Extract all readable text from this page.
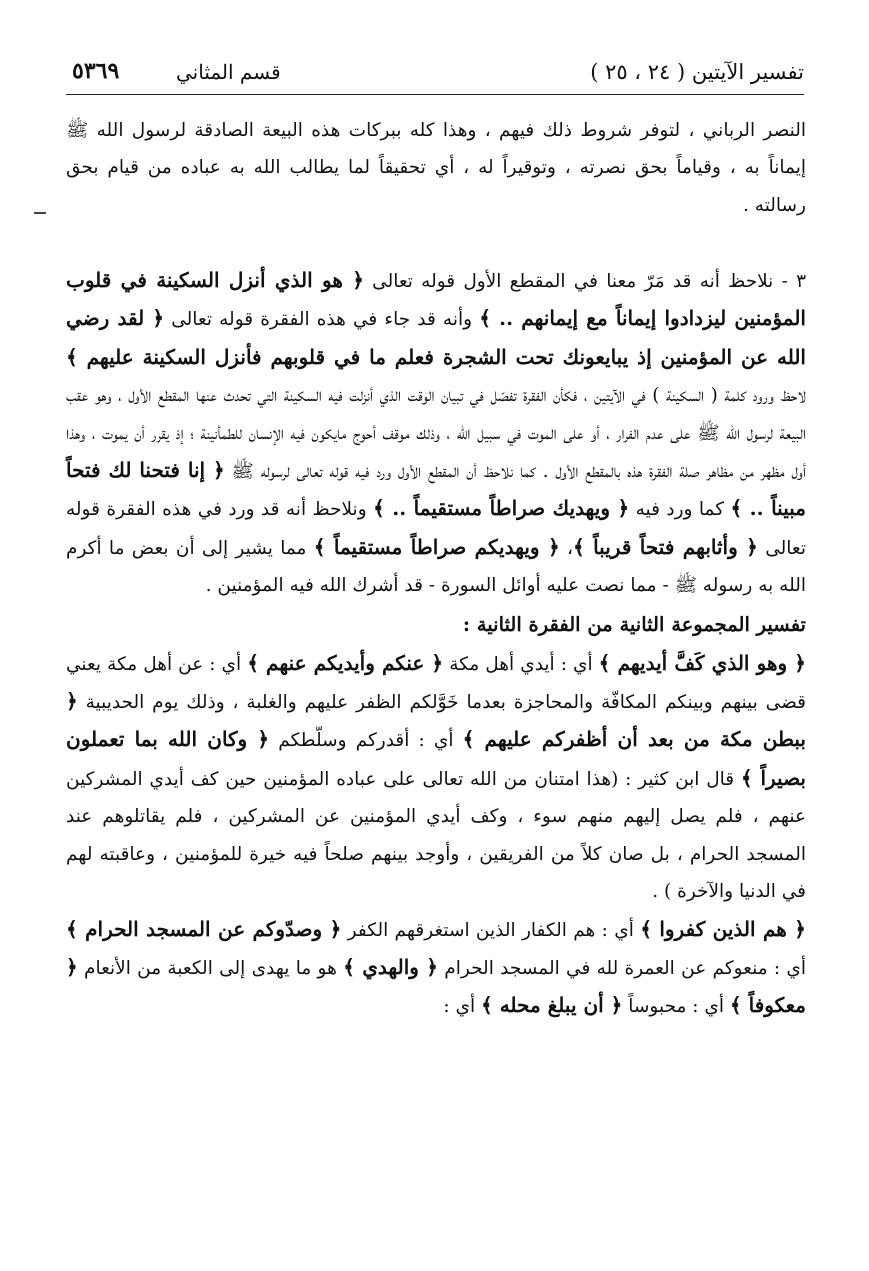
تفسير الآيتين ( ٢٤ ، ٢٥ )
قسم المثاني
٥٣٦٩

النصر الرباني ، لتوفر شروط ذلك فيهم ، وهذا كله ببركات هذه البيعة الصادقة لرسول الله ﷺ إيماناً به ، وقياماً بحق نصرته ، وتوقيراً له ، أي تحقيقاً لما يطالب الله به عباده من قيام بحق رسالته .

٣ - نلاحظ أنه قد مَرّ معنا في المقطع الأول قوله تعالى ﴿ هو الذي أنزل السكينة في قلوب المؤمنين ليزدادوا إيماناً مع إيمانهم .. ﴾ وأنه قد جاء في هذه الفقرة قوله تعالى ﴿ لقد رضي الله عن المؤمنين إذ يبايعونك تحت الشجرة فعلم ما في قلوبهم فأنزل السكينة عليهم ﴾ لاحظ ورود كلمة ( السكينة ) في الآيتين ، فكأن الفقرة تفصّل في تبيان الوقت الذي أنزلت فيه السكينة التي تحدث عنها المقطع الأول ، وهو عقب البيعة لرسول الله ﷺ على عدم الفرار ، أو على الموت في سبيل الله ، وذلك موقف أحوج مايكون فيه الإنسان للطمأنينة ؛ إذ يقرر أن يموت ، وهذا أول مظهر من مظاهر صلة الفقرة هذه بالمقطع الأول . كما نلاحظ أن المقطع الأول ورد فيه قوله تعالى لرسوله ﷺ ﴿ إنا فتحنا لك فتحاً مبيناً .. ﴾ كما ورد فيه ﴿ ويهديك صراطاً مستقيماً .. ﴾ ونلاحظ أنه قد ورد في هذه الفقرة قوله تعالى ﴿ وأثابهم فتحاً قريباً ﴾، ﴿ ويهديكم صراطاً مستقيماً ﴾ مما يشير إلى أن بعض ما أكرم الله به رسوله ﷺ - مما نصت عليه أوائل السورة - قد أشرك الله فيه المؤمنين .

تفسير المجموعة الثانية من الفقرة الثانية :

﴿ وهو الذي كَفَّ أيديهم ﴾ أي : أيدي أهل مكة ﴿ عنكم وأيديكم عنهم ﴾ أي : عن أهل مكة يعني قضى بينهم وبينكم المكافّة والمحاجزة بعدما خَوَّلكم الظفر عليهم والغلبة ، وذلك يوم الحديبية ﴿ ببطن مكة من بعد أن أظفركم عليهم ﴾ أي : أقدركم وسلّطكم ﴿ وكان الله بما تعملون بصيراً ﴾ قال ابن كثير : (هذا امتنان من الله تعالى على عباده المؤمنين حين كف أيدي المشركين عنهم ، فلم يصل إليهم منهم سوء ، وكف أيدي المؤمنين عن المشركين ، فلم يقاتلوهم عند المسجد الحرام ، بل صان كلاً من الفريقين ، وأوجد بينهم صلحاً فيه خيرة للمؤمنين ، وعاقبته لهم في الدنيا والآخرة ) .

﴿ هم الذين كفروا ﴾ أي : هم الكفار الذين استغرقهم الكفر ﴿ وصدّوكم عن المسجد الحرام ﴾ أي : منعوكم عن العمرة لله في المسجد الحرام ﴿ والهدي ﴾ هو ما يهدى إلى الكعبة من الأنعام ﴿ معكوفاً ﴾ أي : محبوساً ﴿ أن يبلغ محله ﴾ أي :
